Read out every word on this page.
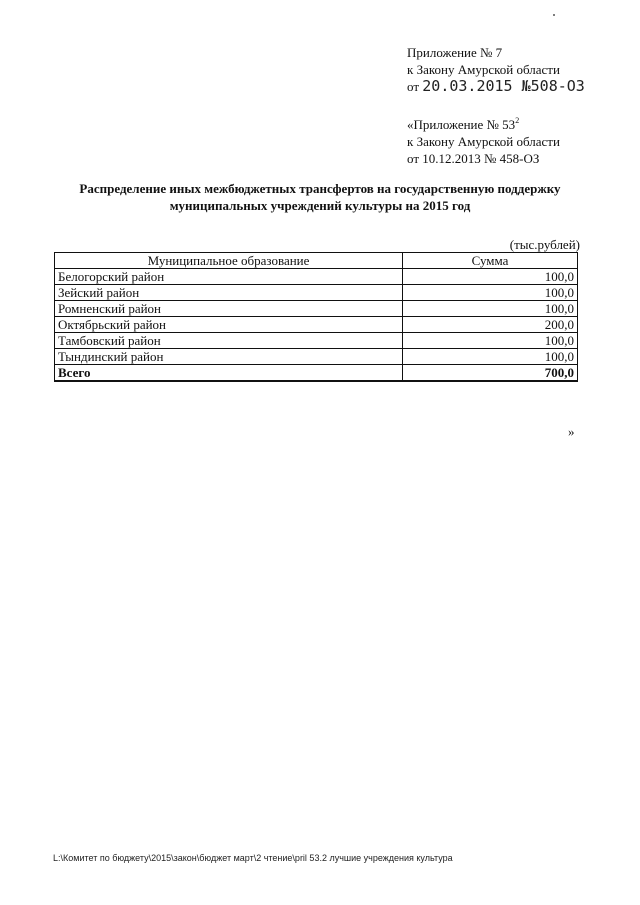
Приложение № 7
к Закону Амурской области
от 20.03.2015 №508-ОЗ
«Приложение № $53^2$
к Закону Амурской области
от 10.12.2013 № 458-ОЗ
Распределение иных межбюджетных трансфертов на государственную поддержку
муниципальных учреждений культуры на 2015 год
(тыс.рублей)
Муниципальное образование	Сумма
Белогорский район	100,0
Зейский район	100,0
Ромненский район	100,0
Октябрьский район	200,0
Тамбовский район	100,0
Тындинский район	100,0
Всего	700,0
»
L:\Комитет по бюджету\2015\закон\бюджет март\2 чтение\pril 53.2 лучшие учреждения культура
